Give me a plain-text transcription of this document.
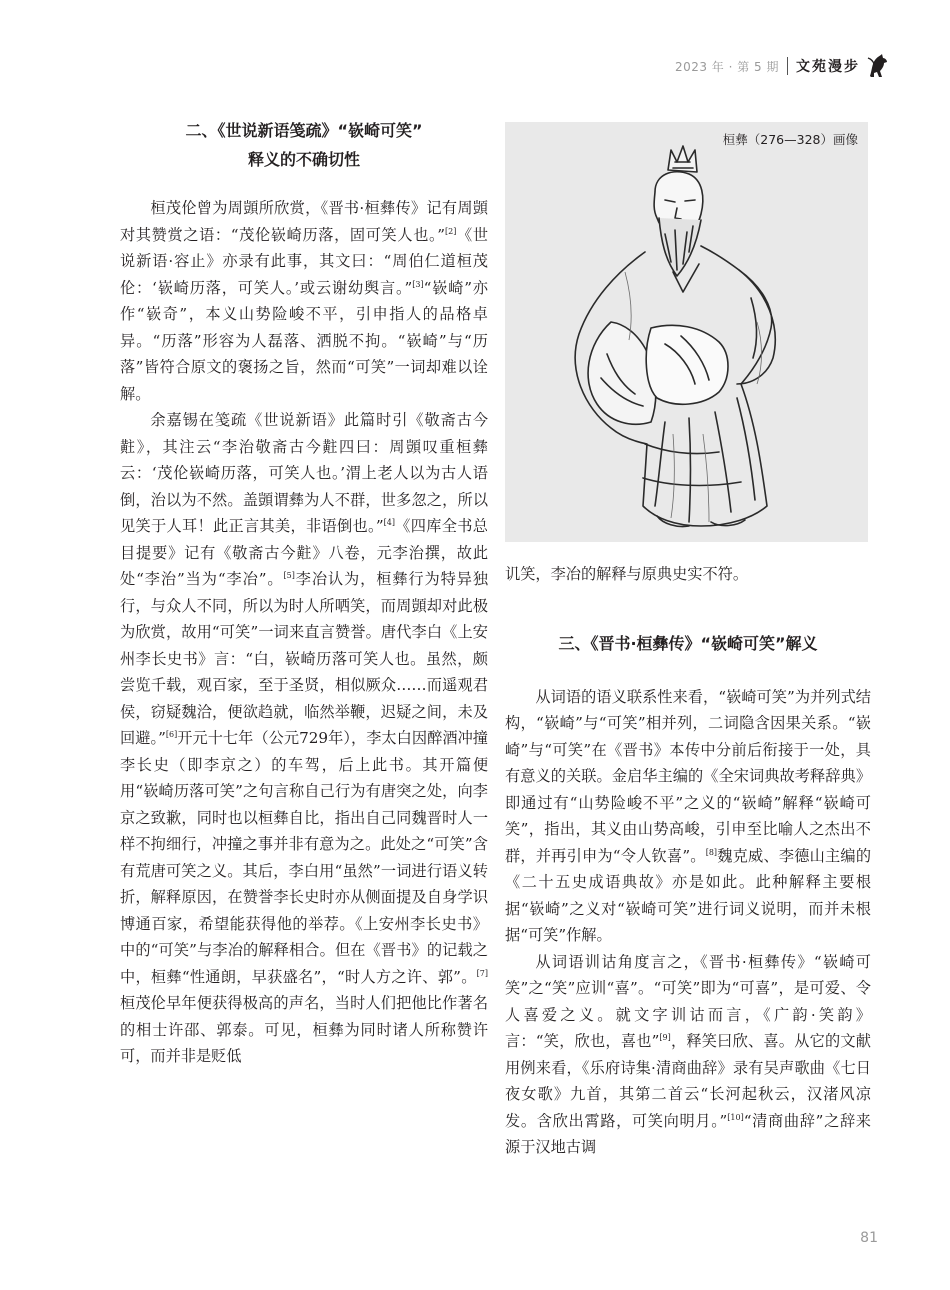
2023 年 · 第 5 期 文苑漫步
二、《世说新语笺疏》“嵚崎可笑”
释义的不确切性

桓茂伦曾为周顗所欣赏，《晋书·桓彝传》记有周顗对其赞赏之语：“茂伦嵚崎历落，固可笑人也。”[2]《世说新语·容止》亦录有此事，其文曰：“周伯仁道桓茂伦：‘嵚崎历落，可笑人。’或云谢幼舆言。”[3]“嵚崎”亦作“嵚奇”，本义山势险峻不平，引申指人的品格卓异。“历落”形容为人磊落、洒脱不拘。“嵚崎”与“历落”皆符合原文的褒扬之旨，然而“可笑”一词却难以诠解。

余嘉锡在笺疏《世说新语》此篇时引《敬斋古今黈》，其注云“李治敬斋古今黈四曰：周顗叹重桓彝云：‘茂伦嵚崎历落，可笑人也。’渭上老人以为古人语倒，治以为不然。盖顗谓彝为人不群，世多忽之，所以见笑于人耳！此正言其美，非语倒也。”[4]《四库全书总目提要》记有《敬斋古今黈》八卷，元李治撰，故此处“李治”当为“李冶”。[5]李冶认为，桓彝行为特异独行，与众人不同，所以为时人所哂笑，而周顗却对此极为欣赏，故用“可笑”一词来直言赞誉。唐代李白《上安州李长史书》言：“白，嵚崎历落可笑人也。虽然，颇尝览千载，观百家，至于圣贤，相似厥众……而遥观君侯，窃疑魏洽，便欲趋就，临然举鞭，迟疑之间，未及回避。”[6]开元十七年（公元729年），李太白因醉酒冲撞李长史（即李京之）的车驾，后上此书。其开篇便用“嵚崎历落可笑”之句言称自己行为有唐突之处，向李京之致歉，同时也以桓彝自比，指出自己同魏晋时人一样不拘细行，冲撞之事并非有意为之。此处之“可笑”含有荒唐可笑之义。其后，李白用“虽然”一词进行语义转折，解释原因，在赞誉李长史时亦从侧面提及自身学识博通百家，希望能获得他的举荐。《上安州李长史书》中的“可笑”与李冶的解释相合。但在《晋书》的记载之中，桓彝“性通朗，早获盛名”，“时人方之许、郭”。[7]桓茂伦早年便获得极高的声名，当时人们把他比作著名的相士许邵、郭泰。可见，桓彝为同时诸人所称赞许可，而并非是贬低

桓彝（276—328）画像

讥笑，李冶的解释与原典史实不符。

三、《晋书·桓彝传》“嵚崎可笑”解义

从词语的语义联系性来看，“嵚崎可笑”为并列式结构，“嵚崎”与“可笑”相并列，二词隐含因果关系。“嵚崎”与“可笑”在《晋书》本传中分前后衔接于一处，具有意义的关联。金启华主编的《全宋词典故考释辞典》即通过有“山势险峻不平”之义的“嵚崎”解释“嵚崎可笑”，指出，其义由山势高峻，引申至比喻人之杰出不群，并再引申为“令人钦喜”。[8]魏克威、李德山主编的《二十五史成语典故》亦是如此。此种解释主要根据“嵚崎”之义对“嵚崎可笑”进行词义说明，而并未根据“可笑”作解。

从词语训诂角度言之，《晋书·桓彝传》“嵚崎可笑”之“笑”应训“喜”。“可笑”即为“可喜”，是可爱、令人喜爱之义。就文字训诂而言，《广韵·笑韵》言：“笑，欣也，喜也”[9]，释笑曰欣、喜。从它的文献用例来看，《乐府诗集·清商曲辞》录有吴声歌曲《七日夜女歌》九首，其第二首云“长河起秋云，汉渚风凉发。含欣出霄路，可笑向明月。”[10]“清商曲辞”之辞来源于汉地古调

81
